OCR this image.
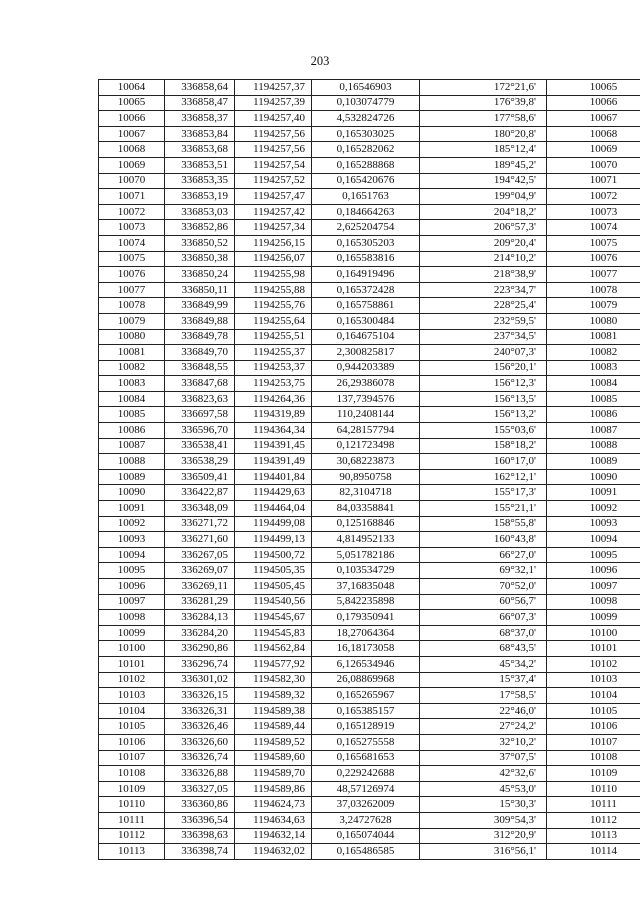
203
10064	336858,64	1194257,37	0,16546903	172°21,6'	10065
10065	336858,47	1194257,39	0,103074779	176°39,8'	10066
10066	336858,37	1194257,40	4,532824726	177°58,6'	10067
10067	336853,84	1194257,56	0,165303025	180°20,8'	10068
10068	336853,68	1194257,56	0,165282062	185°12,4'	10069
10069	336853,51	1194257,54	0,165288868	189°45,2'	10070
10070	336853,35	1194257,52	0,165420676	194°42,5'	10071
10071	336853,19	1194257,47	0,1651763	199°04,9'	10072
10072	336853,03	1194257,42	0,184664263	204°18,2'	10073
10073	336852,86	1194257,34	2,625204754	206°57,3'	10074
10074	336850,52	1194256,15	0,165305203	209°20,4'	10075
10075	336850,38	1194256,07	0,165583816	214°10,2'	10076
10076	336850,24	1194255,98	0,164919496	218°38,9'	10077
10077	336850,11	1194255,88	0,165372428	223°34,7'	10078
10078	336849,99	1194255,76	0,165758861	228°25,4'	10079
10079	336849,88	1194255,64	0,165300484	232°59,5'	10080
10080	336849,78	1194255,51	0,164675104	237°34,5'	10081
10081	336849,70	1194255,37	2,300825817	240°07,3'	10082
10082	336848,55	1194253,37	0,944203389	156°20,1'	10083
10083	336847,68	1194253,75	26,29386078	156°12,3'	10084
10084	336823,63	1194264,36	137,7394576	156°13,5'	10085
10085	336697,58	1194319,89	110,2408144	156°13,2'	10086
10086	336596,70	1194364,34	64,28157794	155°03,6'	10087
10087	336538,41	1194391,45	0,121723498	158°18,2'	10088
10088	336538,29	1194391,49	30,68223873	160°17,0'	10089
10089	336509,41	1194401,84	90,8950758	162°12,1'	10090
10090	336422,87	1194429,63	82,3104718	155°17,3'	10091
10091	336348,09	1194464,04	84,03358841	155°21,1'	10092
10092	336271,72	1194499,08	0,125168846	158°55,8'	10093
10093	336271,60	1194499,13	4,814952133	160°43,8'	10094
10094	336267,05	1194500,72	5,051782186	66°27,0'	10095
10095	336269,07	1194505,35	0,103534729	69°32,1'	10096
10096	336269,11	1194505,45	37,16835048	70°52,0'	10097
10097	336281,29	1194540,56	5,842235898	60°56,7'	10098
10098	336284,13	1194545,67	0,179350941	66°07,3'	10099
10099	336284,20	1194545,83	18,27064364	68°37,0'	10100
10100	336290,86	1194562,84	16,18173058	68°43,5'	10101
10101	336296,74	1194577,92	6,126534946	45°34,2'	10102
10102	336301,02	1194582,30	26,08869968	15°37,4'	10103
10103	336326,15	1194589,32	0,165265967	17°58,5'	10104
10104	336326,31	1194589,38	0,165385157	22°46,0'	10105
10105	336326,46	1194589,44	0,165128919	27°24,2'	10106
10106	336326,60	1194589,52	0,165275558	32°10,2'	10107
10107	336326,74	1194589,60	0,165681653	37°07,5'	10108
10108	336326,88	1194589,70	0,229242688	42°32,6'	10109
10109	336327,05	1194589,86	48,57126974	45°53,0'	10110
10110	336360,86	1194624,73	37,03262009	15°30,3'	10111
10111	336396,54	1194634,63	3,24727628	309°54,3'	10112
10112	336398,63	1194632,14	0,165074044	312°20,9'	10113
10113	336398,74	1194632,02	0,165486585	316°56,1'	10114
